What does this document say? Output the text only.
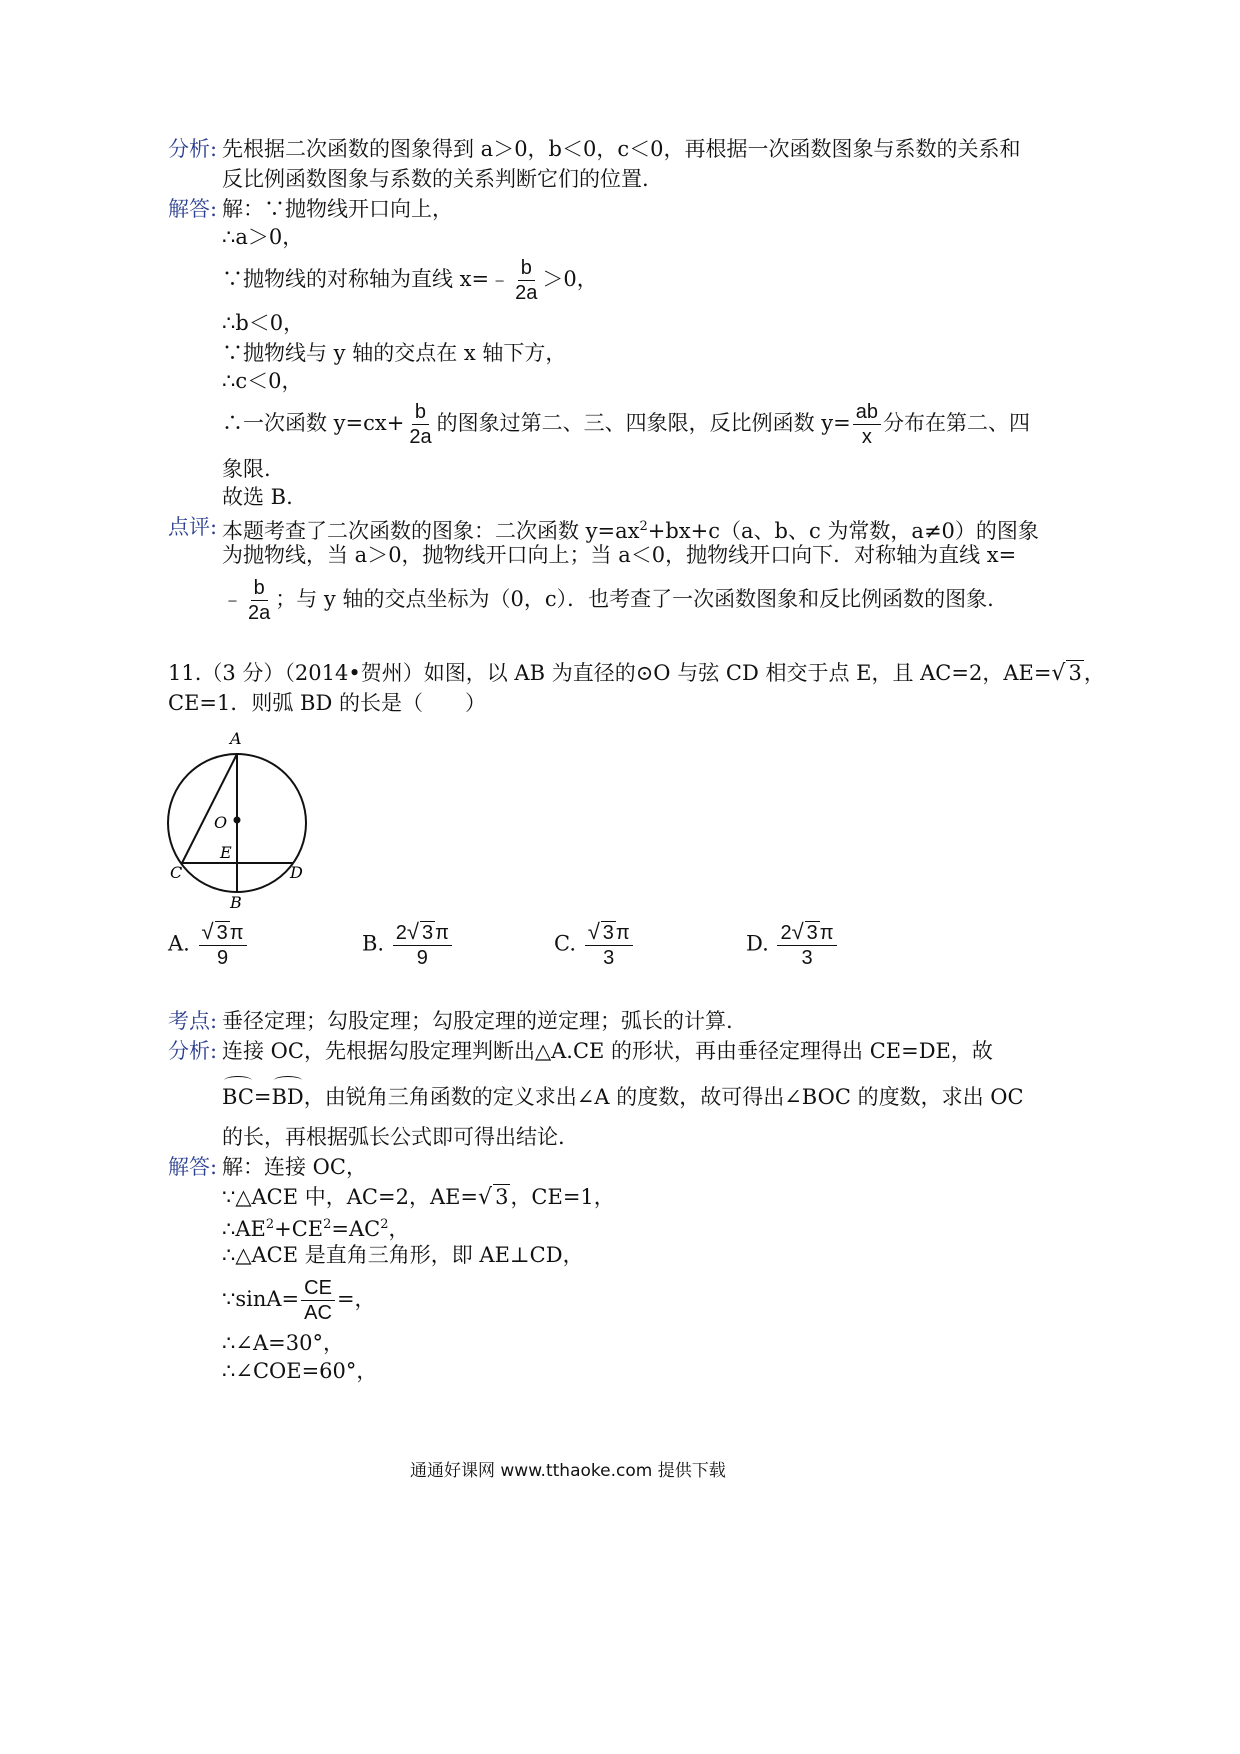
分析: 先根据二次函数的图象得到 a＞0，b＜0，c＜0，再根据一次函数图象与系数的关系和
反比例函数图象与系数的关系判断它们的位置.
解答: 解：∵抛物线开口向上，
∴a＞0，
∵抛物线的对称轴为直线 x=﹣ $\frac{b}{2a} >0$，
∴b＜0，
∵抛物线与 y 轴的交点在 x 轴下方，
∴c＜0，
∴一次函数 $y=cx+ \frac{b}{2a}$ 的图象过第二、三、四象限，反比例函数 $y= \frac{ab}{x}$ 分布在第二、四
象限.
故选 B.
点评: 本题考查了二次函数的图象：二次函数 $y=ax^2+bx+c(a$、b、c 为常数，a≠0）的图象
为抛物线，当 a＞0，抛物线开口向上；当 a＜0，抛物线开口向下．对称轴为直线 x=
﹣ $\frac{b}{2a}$ ；与 y 轴的交点坐标为（0，c）．也考查了一次函数图象和反比例函数的图象.
11.（3 分）（2014•贺州）如图，以 AB 为直径的⊙O 与弦 CD 相交于点 E，且 AC=2，AE=√ 3，
CE=1．则弧 BD 的长是（　　）
A
O
E
C	D
B
A. $\frac{√ 3 \pi}{9}$	B. $\frac{2√ 3 \pi}{9}$	C. $\frac{√ 3 \pi}{3}$	D. $\frac{2√ 3 \pi}{3}$
考点: 垂径定理；勾股定理；勾股定理的逆定理；弧长的计算.
分析: 连接 OC，先根据勾股定理判断出△A.CE 的形状，再由垂径定理得出 CE=DE，故
BC=BD，由锐角三角函数的定义求出∠A 的度数，故可得出∠BOC 的度数，求出 OC
的长，再根据弧长公式即可得出结论.
解答: 解：连接 OC，
∵△ACE 中，AC=2，AE=√ 3，CE=1，
$\therefore AE^2+CE^2=AC^2$，
∴△ACE 是直角三角形，即 AE⊥CD，
∵sinA= $\frac{CE}{AC}$ =，
∴∠A=30°，
∴∠COE=60°，
通通好课网 www.tthaoke.com 提供下载
